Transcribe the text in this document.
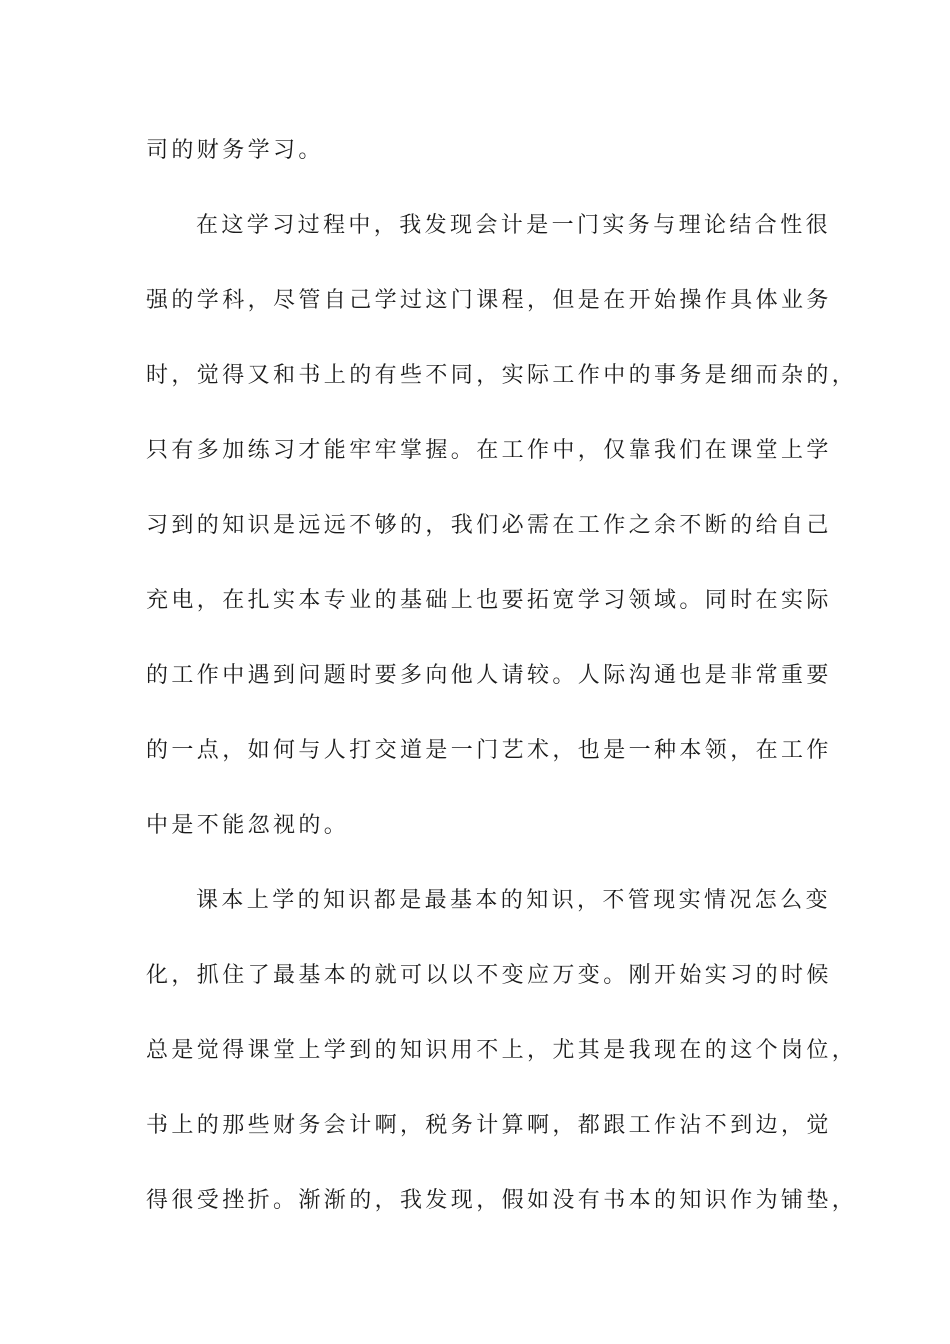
司的财务学习。
在这学习过程中，我发现会计是一门实务与理论结合性很
强的学科，尽管自己学过这门课程，但是在开始操作具体业务
时，觉得又和书上的有些不同，实际工作中的事务是细而杂的，
只有多加练习才能牢牢掌握。在工作中，仅靠我们在课堂上学
习到的知识是远远不够的，我们必需在工作之余不断的给自己
充电，在扎实本专业的基础上也要拓宽学习领域。同时在实际
的工作中遇到问题时要多向他人请较。人际沟通也是非常重要
的一点，如何与人打交道是一门艺术，也是一种本领，在工作
中是不能忽视的。
课本上学的知识都是最基本的知识，不管现实情况怎么变
化，抓住了最基本的就可以以不变应万变。刚开始实习的时候
总是觉得课堂上学到的知识用不上，尤其是我现在的这个岗位，
书上的那些财务会计啊，税务计算啊，都跟工作沾不到边，觉
得很受挫折。渐渐的，我发现，假如没有书本的知识作为铺垫，
